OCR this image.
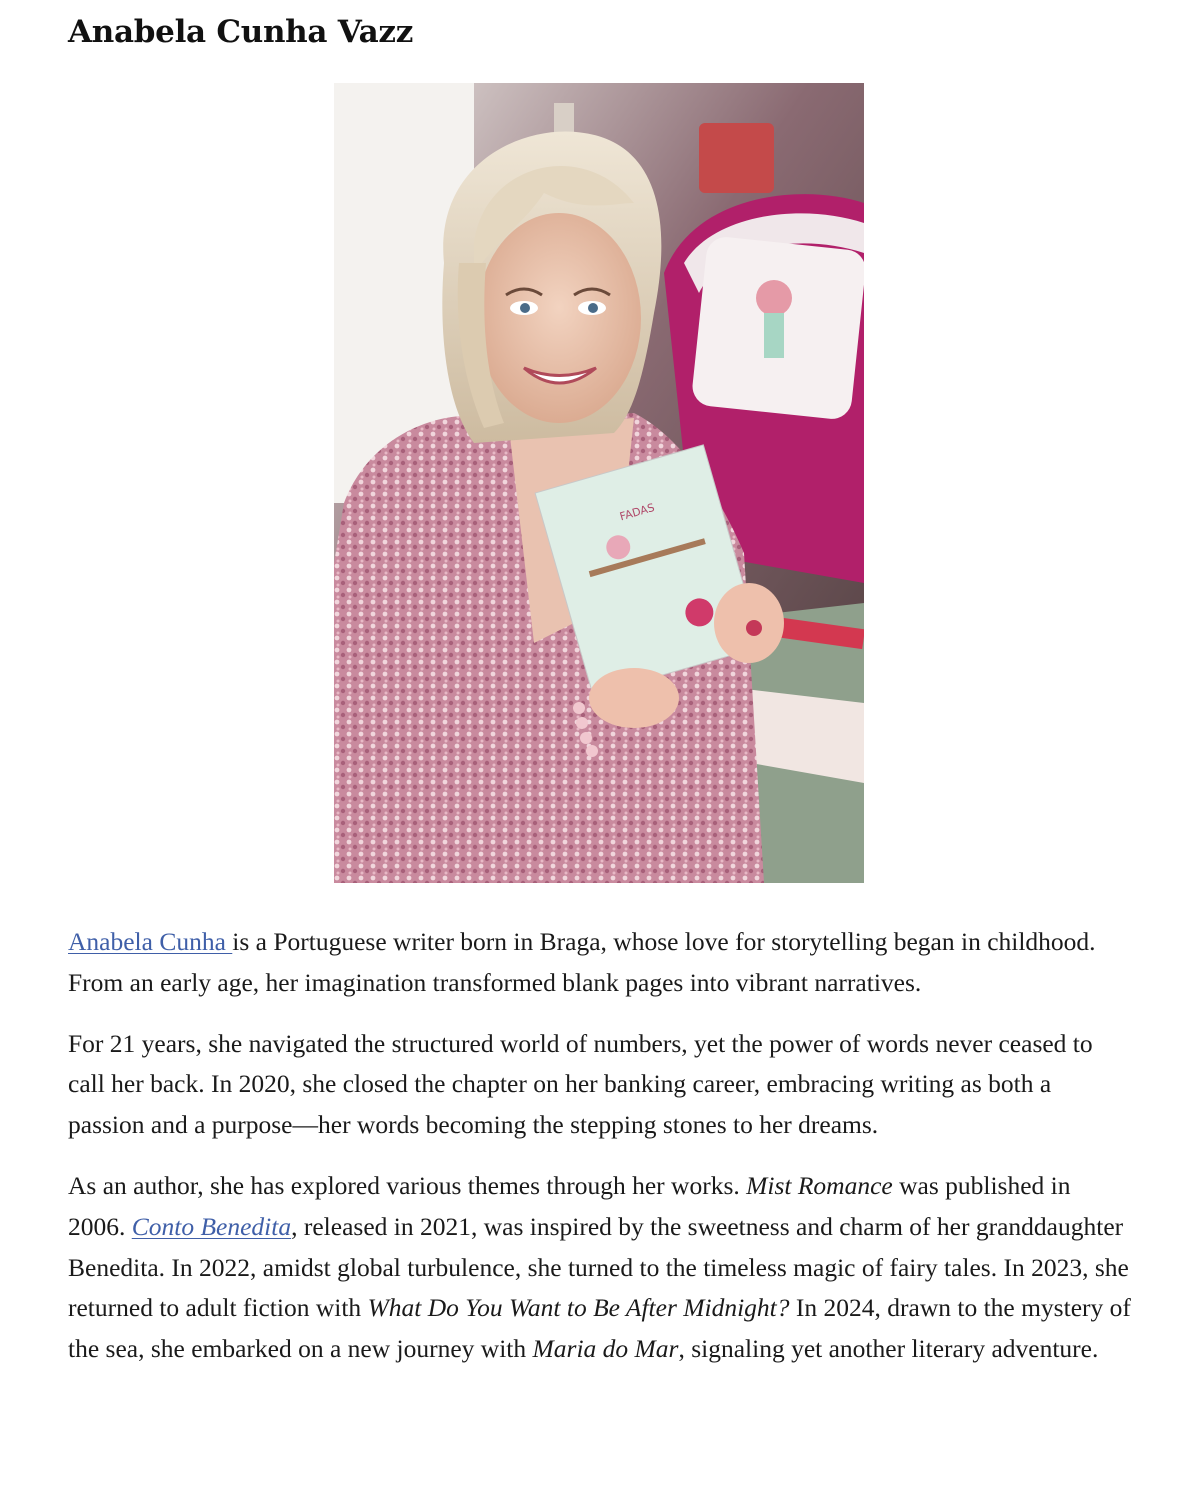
Anabela Cunha Vazz
FADAS

Anabela Cunha is a Portuguese writer born in Braga, whose love for storytelling began in childhood. From an early age, her imagination transformed blank pages into vibrant narratives.

For 21 years, she navigated the structured world of numbers, yet the power of words never ceased to call her back. In 2020, she closed the chapter on her banking career, embracing writing as both a passion and a purpose—her words becoming the stepping stones to her dreams.

As an author, she has explored various themes through her works. Mist Romance was published in 2006. Conto Benedita, released in 2021, was inspired by the sweetness and charm of her granddaughter Benedita. In 2022, amidst global turbulence, she turned to the timeless magic of fairy tales. In 2023, she returned to adult fiction with What Do You Want to Be After Midnight? In 2024, drawn to the mystery of the sea, she embarked on a new journey with Maria do Mar, signaling yet another literary adventure.
